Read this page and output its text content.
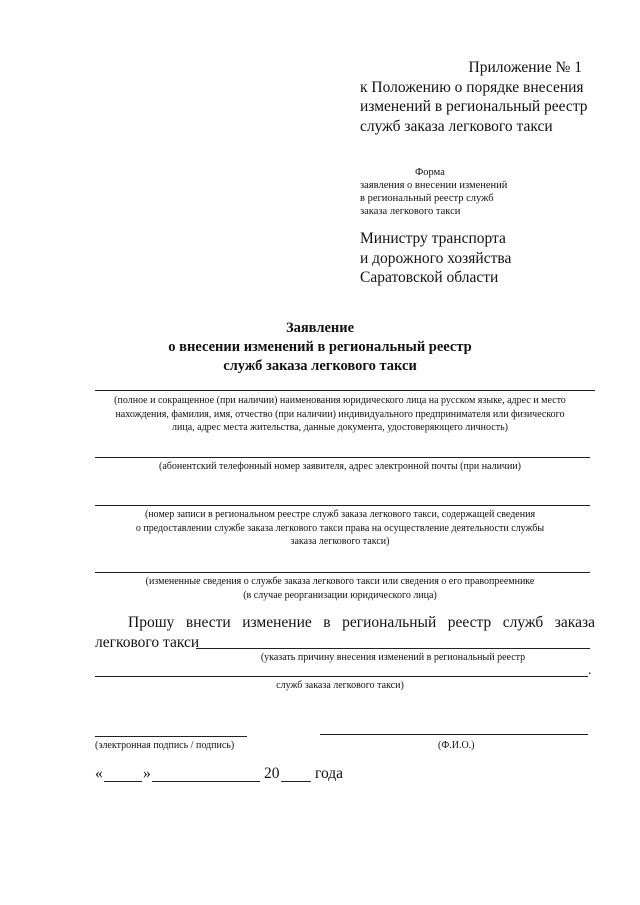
Приложение № 1
к Положению о порядке внесения
изменений в региональный реестр
служб заказа легкового такси
Форма
заявления о внесении изменений
в региональный реестр служб
заказа легкового такси
Министру транспорта
и дорожного хозяйства
Саратовской области
Заявление
о внесении изменений в региональный реестр
служб заказа легкового такси
(полное и сокращенное (при наличии) наименования юридического лица на русском языке, адрес и место
нахождения, фамилия, имя, отчество (при наличии) индивидуального предпринимателя или физического
лица, адрес места жительства, данные документа, удостоверяющего личность)
(абонентский телефонный номер заявителя, адрес электронной почты (при наличии)
(номер записи в региональном реестре служб заказа легкового такси, содержащей сведения
о предоставлении службе заказа легкового такси права на осуществление деятельности службы
заказа легкового такси)
(измененные сведения о службе заказа легкового такси или сведения о его правопреемнике
(в случае реорганизации юридического лица)
Прошу внести изменение в региональный реестр служб заказа
легкового такси
(указать причину внесения изменений в региональный реестр
.
служб заказа легкового такси)
(электронная подпись / подпись)	(Ф.И.О.)
«	»	20 года
